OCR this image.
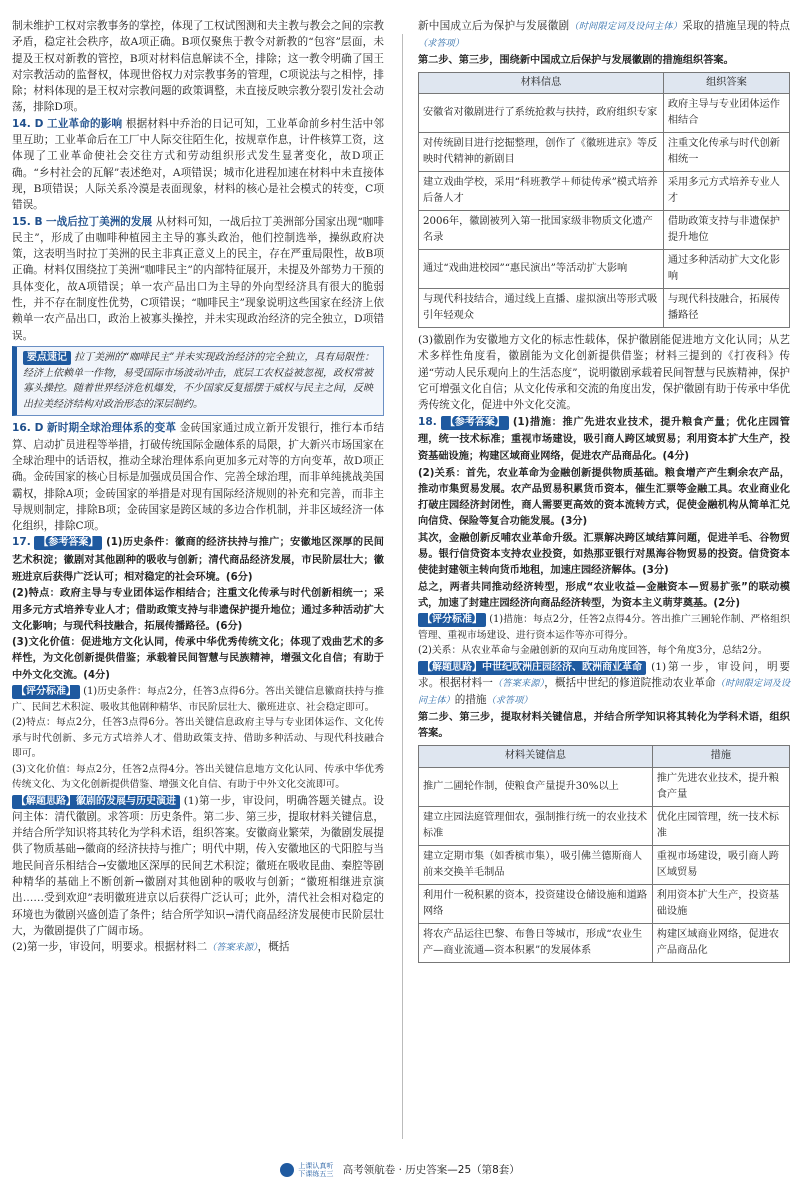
制未维护工权对宗教事务的掌控，体现了工权试图测和夫主教与教会之间的宗教矛盾，稳定社会秩序，故A项正确。B项仅聚焦于教令对新教的“包容”层面，未提及王权对新教的管控，B项对材料信息解读不全，排除；这一教令明确了国王对宗教活动的监督权，体现世俗权力对宗教事务的管理，C项说法与之相悖，排除；材料体现的是王权对宗教问题的政策调整，未直接反映宗教分裂引发社会动荡，排除D项。

14. D 工业革命的影响 根据材料中乔治的日记可知，工业革命前乡村生活中邻里互助；工业革命后在工厂中人际交往陌生化，按规章作息，计件核算工资，这体现了工业革命使社会交往方式和劳动组织形式发生显著变化，故D项正确。“乡村社会的瓦解”表述绝对，A项错误；城市化进程加速在材料中未直接体现，B项错误；人际关系冷漠是表面现象，材料的核心是社会模式的转变，C项错误。

15. B 一战后拉丁美洲的发展 从材料可知，一战后拉丁美洲部分国家出现“咖啡民主”，形成了由咖啡种植园主主导的寡头政治，他们控制选举，操纵政府决策，这表明当时拉丁美洲的民主非真正意义上的民主，存在严重局限性，故B项正确。材料仅围绕拉丁美洲“咖啡民主”的内部特征展开，未提及外部势力干预的具体变化，故A项错误；单一农产品出口为主导的外向型经济具有很大的脆弱性，并不存在制度性优势，C项错误；“咖啡民主”现象说明这些国家在经济上依赖单一农产品出口，政治上被寡头操控，并未实现政治经济的完全独立，D项错误。

要点速记 拉丁美洲的“咖啡民主”并未实现政治经济的完全独立，具有局限性：经济上依赖单一作物，易受国际市场波动冲击，底层工农权益被忽视，政权常被寡头操控。随着世界经济危机爆发，不少国家反复摇摆于威权与民主之间，反映出拉美经济结构对政治形态的深层制约。

16. D 新时期全球治理体系的变革 金砖国家通过成立新开发银行，推行本币结算、启动扩员进程等举措，打破传统国际金融体系的局限，扩大新兴市场国家在全球治理中的话语权，推动全球治理体系向更加多元对等的方向变革，故D项正确。金砖国家的核心目标是加强成员国合作、完善全球治理，而非单纯挑战美国霸权，排除A项；金砖国家的举措是对现有国际经济规则的补充和完善，而非主导规则制定，排除B项；金砖国家是跨区域的多边合作机制，并非区域经济一体化组织，排除C项。

17. 【参考答案】 (1)历史条件：徽商的经济扶持与推广；安徽地区深厚的民间艺术积淀；徽剧对其他剧种的吸收与创新；清代商品经济发展，市民阶层壮大；徽班进京后获得广泛认可；相对稳定的社会环境。(6分)

(2)特点：政府主导与专业团体运作相结合；注重文化传承与时代创新相统一；采用多元方式培养专业人才；借助政策支持与非遗保护提升地位；通过多种活动扩大文化影响；与现代科技融合，拓展传播路径。(6分)

(3)文化价值：促进地方文化认同，传承中华优秀传统文化；体现了戏曲艺术的多样性，为文化创新提供借鉴；承载着民间智慧与民族精神，增强文化自信；有助于中外文化交流。(4分)

【评分标准】 (1)历史条件：每点2分，任答3点得6分。答出关键信息徽商扶持与推广、民间艺术积淀、吸收其他剧种精华、市民阶层壮大、徽班进京、社会稳定即可。

(2)特点：每点2分，任答3点得6分。答出关键信息政府主导与专业团体运作、文化传承与时代创新、多元方式培养人才、借助政策支持、借助多种活动、与现代科技融合即可。

(3)文化价值：每点2分，任答2点得4分。答出关键信息地方文化认同、传承中华优秀传统文化、为文化创新提供借鉴、增强文化自信、有助于中外文化交流即可。

【解题思路】徽剧的发展与历史演进 (1)第一步，审设问，明确答题关键点。设问主体：清代徽剧。求答项：历史条件。第二步、第三步，提取材料关键信息，并结合所学知识将其转化为学科术语，组织答案。安徽商业繁荣，为徽剧发展提供了物质基础→徽商的经济扶持与推广；明代中期，传入安徽地区的弋阳腔与当地民间音乐相结合→安徽地区深厚的民间艺术积淀；徽班在吸收昆曲、秦腔等剧种精华的基础上不断创新→徽剧对其他剧种的吸收与创新；“徽班相继进京演出……受到欢迎”表明徽班进京以后获得广泛认可；此外，清代社会相对稳定的环境也为徽剧兴盛创造了条件；结合所学知识→清代商品经济发展使市民阶层壮大，为徽剧提供了广阔市场。

(2)第一步，审设问，明要求。根据材料二（答案来源），概括

新中国成立后为保护与发展徽剧（时间限定词及设问主体）采取的措施呈现的特点（求答项）

第二步、第三步，围绕新中国成立后保护与发展徽剧的措施组织答案。

材料信息	组织答案
安徽省对徽剧进行了系统抢救与扶持，政府组织专家	政府主导与专业团体运作相结合
对传统剧目进行挖掘整理，创作了《徽班进京》等反映时代精神的新剧目	注重文化传承与时代创新相统一
建立戏曲学校，采用“科班教学＋师徒传承”模式培养后备人才	采用多元方式培养专业人才
2006年，徽剧被列入第一批国家级非物质文化遗产名录	借助政策支持与非遗保护提升地位
通过“戏曲进校园”“惠民演出”等活动扩大影响	通过多种活动扩大文化影响
与现代科技结合，通过线上直播、虚拟演出等形式吸引年轻观众	与现代科技融合，拓展传播路径

(3)徽剧作为安徽地方文化的标志性载体，保护徽剧能促进地方文化认同；从艺术多样性角度看，徽剧能为文化创新提供借鉴；材料三提到的《打夜科》传递“劳动人民乐观向上的生活态度”，说明徽剧承载着民间智慧与民族精神，保护它可增强文化自信；从文化传承和交流的角度出发，保护徽剧有助于传承中华优秀传统文化，促进中外文化交流。

18. 【参考答案】 (1)措施：推广先进农业技术，提升粮食产量；优化庄园管理，统一技术标准；重视市场建设，吸引商人跨区域贸易；利用资本扩大生产，投资基础设施；构建区域商业网络，促进农产品商品化。(4分)

(2)关系：首先，农业革命为金融创新提供物质基础。粮食增产产生剩余农产品，推动市集贸易发展。农产品贸易积累货币资本，催生汇票等金融工具。农业商业化打破庄园经济封闭性，商人需要更高效的资本流转方式，促使金融机构从简单汇兑向信贷、保险等复合功能发展。(3分)

其次，金融创新反哺农业革命升级。汇票解决跨区域结算问题，促进羊毛、谷物贸易。银行信贷资本支持农业投资，如热那亚银行对黑海谷物贸易的投资。信贷资本使徒封建领主转向货币地租，加速庄园经济解体。(3分)

总之，两者共同推动经济转型，形成“农业收益—金融资本—贸易扩张”的联动模式，加速了封建庄园经济向商品经济转型，为资本主义萌芽奠基。(2分)

【评分标准】 (1)措施：每点2分，任答2点得4分。答出推广三圃轮作制、严格组织管理、重视市场建设、进行资本运作等亦可得分。

(2)关系：从农业革命与金融创新的双向互动角度回答，每个角度3分，总结2分。

【解题思路】中世纪欧洲庄园经济、欧洲商业革命 (1)第一步，审设问，明要求。根据材料一（答案来源），概括中世纪的修道院推动农业革命（时间限定词及设问主体）的措施（求答项）

第二步、第三步，提取材料关键信息，并结合所学知识将其转化为学科术语，组织答案。

材料关键信息	措施
推广二圃轮作制，使粮食产量提升30%以上	推广先进农业技术，提升粮食产量
建立庄园法庭管理佃农，强制推行统一的农业技术标准	优化庄园管理，统一技术标准
建立定期市集（如香槟市集），吸引佛兰德斯商人前来交换羊毛制品	重视市场建设，吸引商人跨区域贸易
利用什一税积累的资本，投资建设仓储设施和道路网络	利用资本扩大生产，投资基础设施
将农产品运往巴黎、布鲁日等城市，形成“农业生产—商业流通—资本积累”的发展体系	构建区域商业网络，促进农产品商品化
上课认真听
下课练五三 高考领航卷 · 历史答案—25（第8套）
